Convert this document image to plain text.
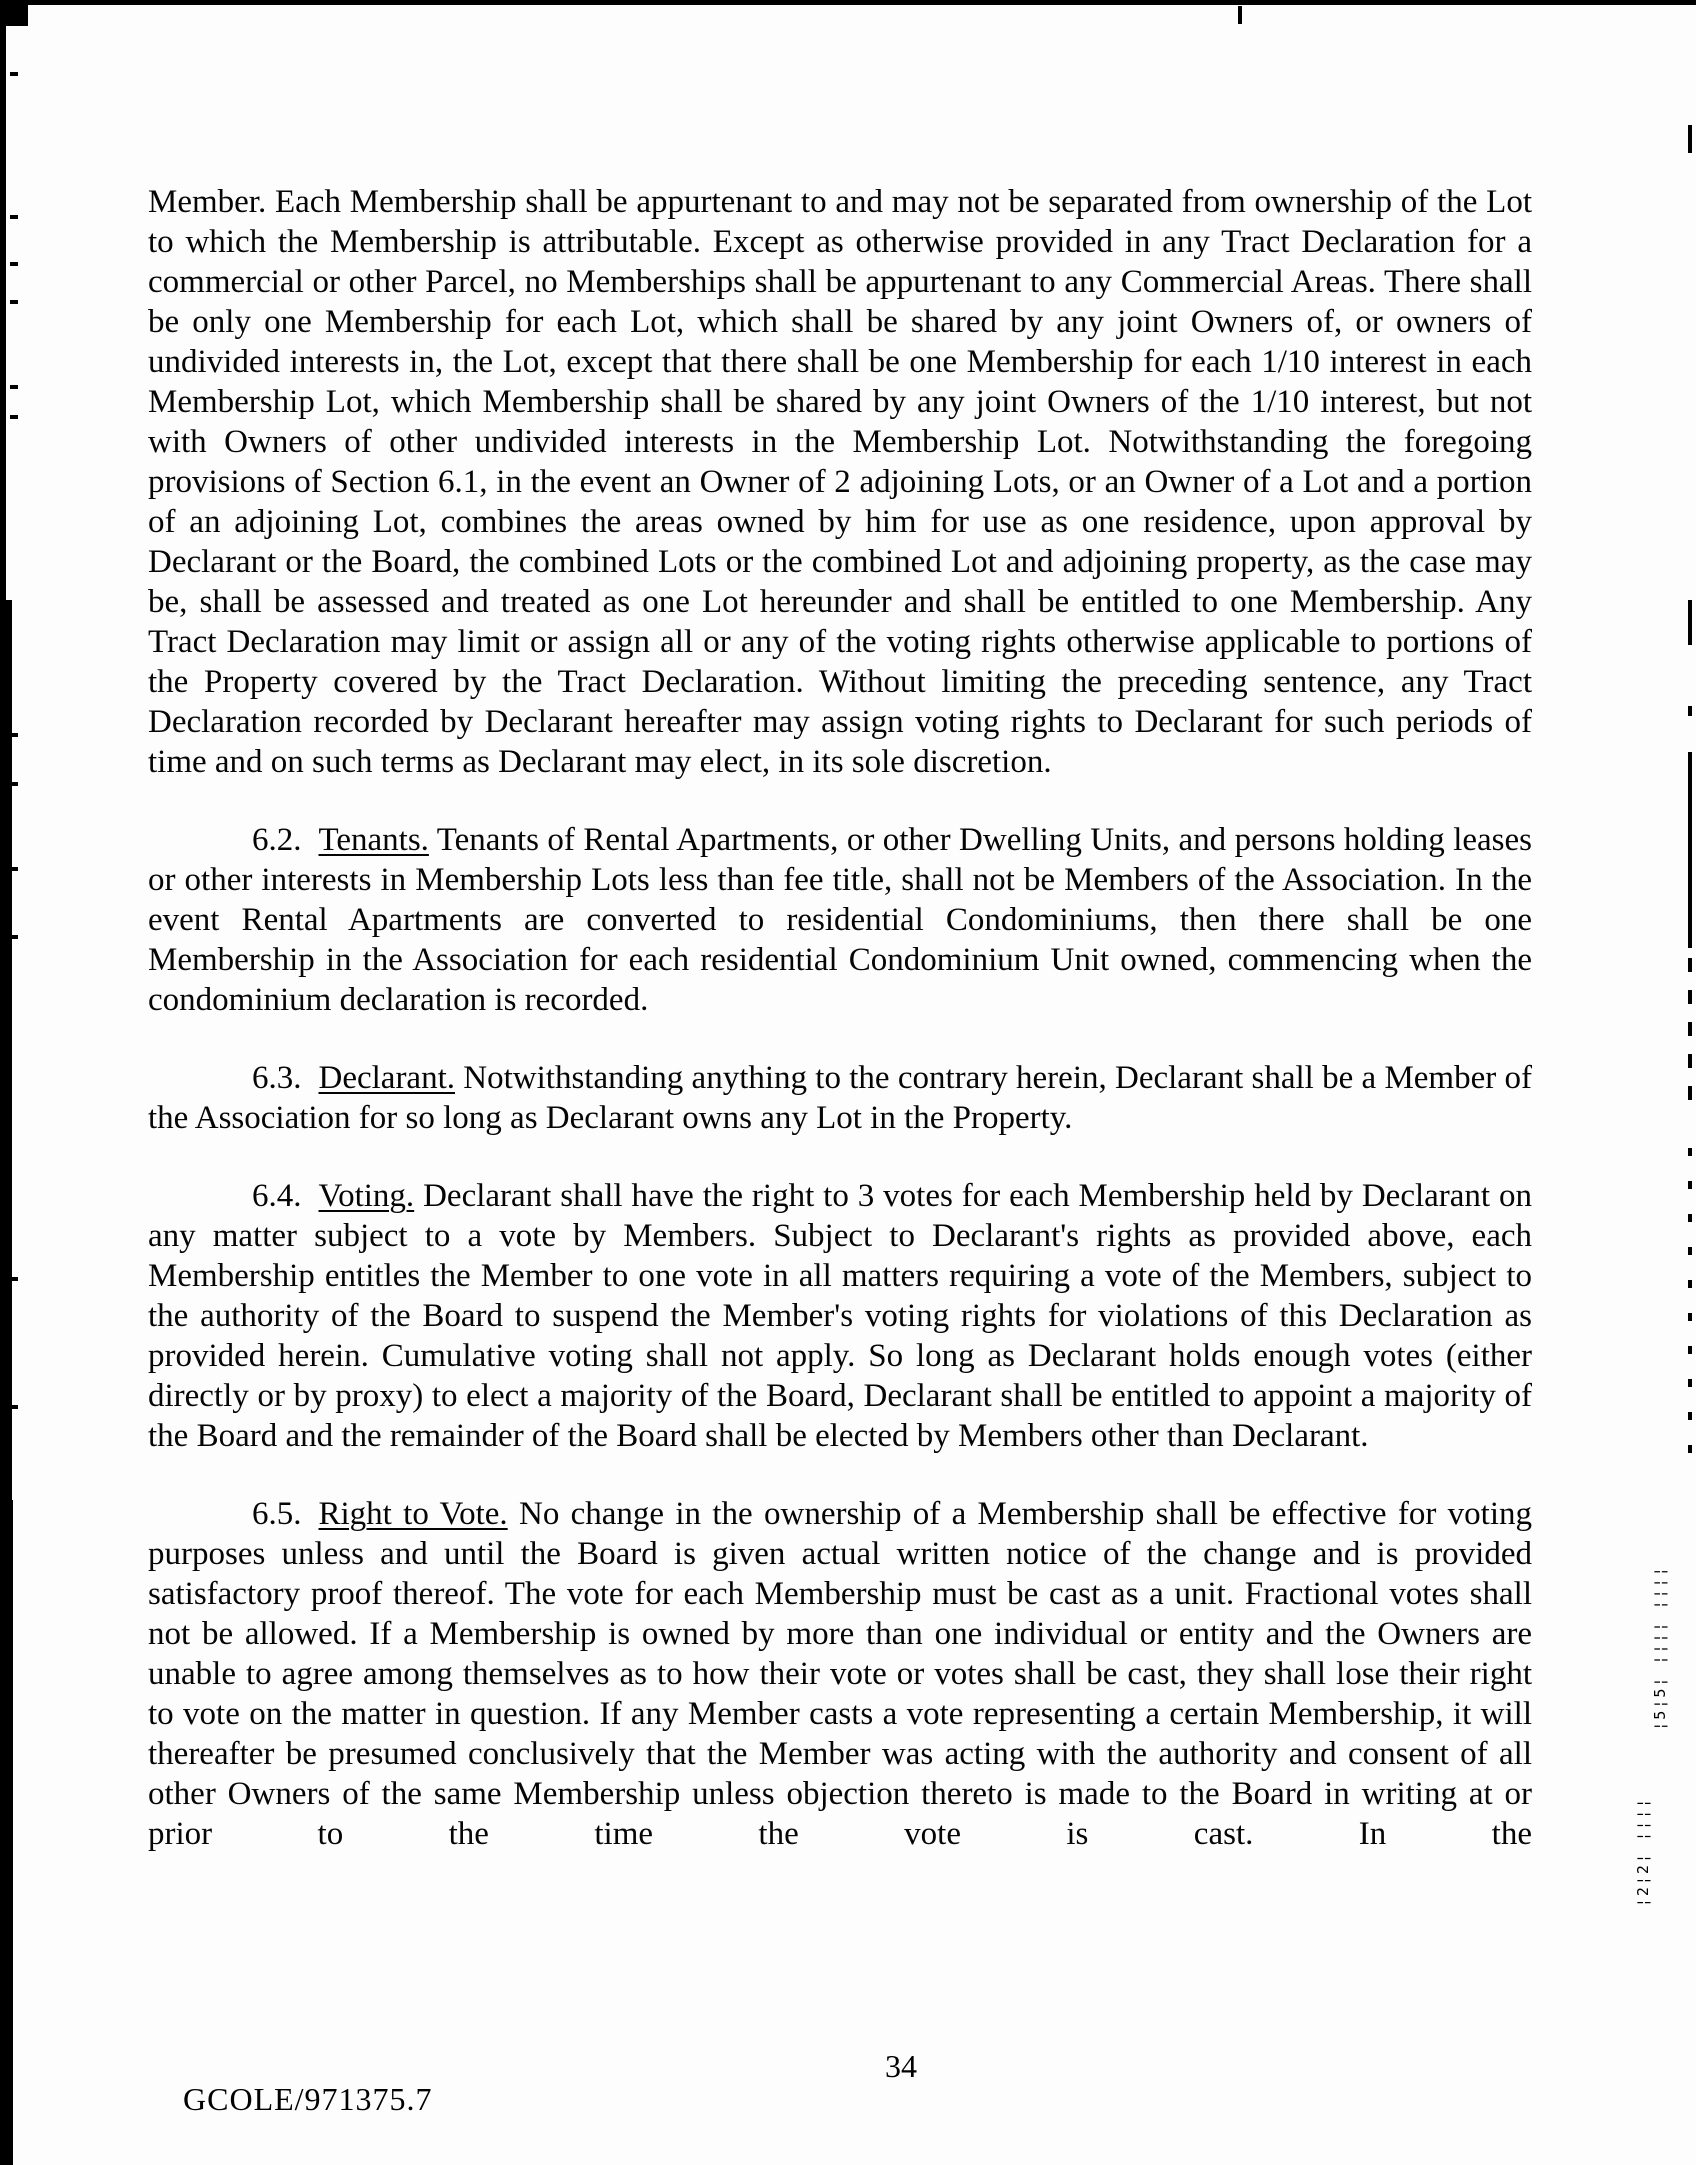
Member. Each Membership shall be appurtenant to and may not be separated from ownership of the Lot to which the Membership is attributable. Except as otherwise provided in any Tract Declaration for a commercial or other Parcel, no Memberships shall be appurtenant to any Commercial Areas. There shall be only one Membership for each Lot, which shall be shared by any joint Owners of, or owners of undivided interests in, the Lot, except that there shall be one Membership for each 1/10 interest in each Membership Lot, which Membership shall be shared by any joint Owners of the 1/10 interest, but not with Owners of other undivided interests in the Membership Lot. Notwithstanding the foregoing provisions of Section 6.1, in the event an Owner of 2 adjoining Lots, or an Owner of a Lot and a portion of an adjoining Lot, combines the areas owned by him for use as one residence, upon approval by Declarant or the Board, the combined Lots or the combined Lot and adjoining property, as the case may be, shall be assessed and treated as one Lot hereunder and shall be entitled to one Membership. Any Tract Declaration may limit or assign all or any of the voting rights otherwise applicable to portions of the Property covered by the Tract Declaration. Without limiting the preceding sentence, any Tract Declaration recorded by Declarant hereafter may assign voting rights to Declarant for such periods of time and on such terms as Declarant may elect, in its sole discretion.

6.2. Tenants. Tenants of Rental Apartments, or other Dwelling Units, and persons holding leases or other interests in Membership Lots less than fee title, shall not be Members of the Association. In the event Rental Apartments are converted to residential Condominiums, then there shall be one Membership in the Association for each residential Condominium Unit owned, commencing when the condominium declaration is recorded.

6.3. Declarant. Notwithstanding anything to the contrary herein, Declarant shall be a Member of the Association for so long as Declarant owns any Lot in the Property.

6.4. Voting. Declarant shall have the right to 3 votes for each Membership held by Declarant on any matter subject to a vote by Members. Subject to Declarant's rights as provided above, each Membership entitles the Member to one vote in all matters requiring a vote of the Members, subject to the authority of the Board to suspend the Member's voting rights for violations of this Declaration as provided herein. Cumulative voting shall not apply. So long as Declarant holds enough votes (either directly or by proxy) to elect a majority of the Board, Declarant shall be entitled to appoint a majority of the Board and the remainder of the Board shall be elected by Members other than Declarant.

6.5. Right to Vote. No change in the ownership of a Membership shall be effective for voting purposes unless and until the Board is given actual written notice of the change and is provided satisfactory proof thereof. The vote for each Membership must be cast as a unit. Fractional votes shall not be allowed. If a Membership is owned by more than one individual or entity and the Owners are unable to agree among themselves as to how their vote or votes shall be cast, they shall lose their right to vote on the matter in question. If any Member casts a vote representing a certain Membership, it will thereafter be presumed conclusively that the Member was acting with the authority and consent of all other Owners of the same Membership unless objection thereto is made to the Board in writing at or prior to the time the vote is cast. In the

¦5¦5¦ ¦¦¦¦ ¦¦¦¦
¦2¦2¦ ¦¦¦¦
34
GCOLE/971375.7
